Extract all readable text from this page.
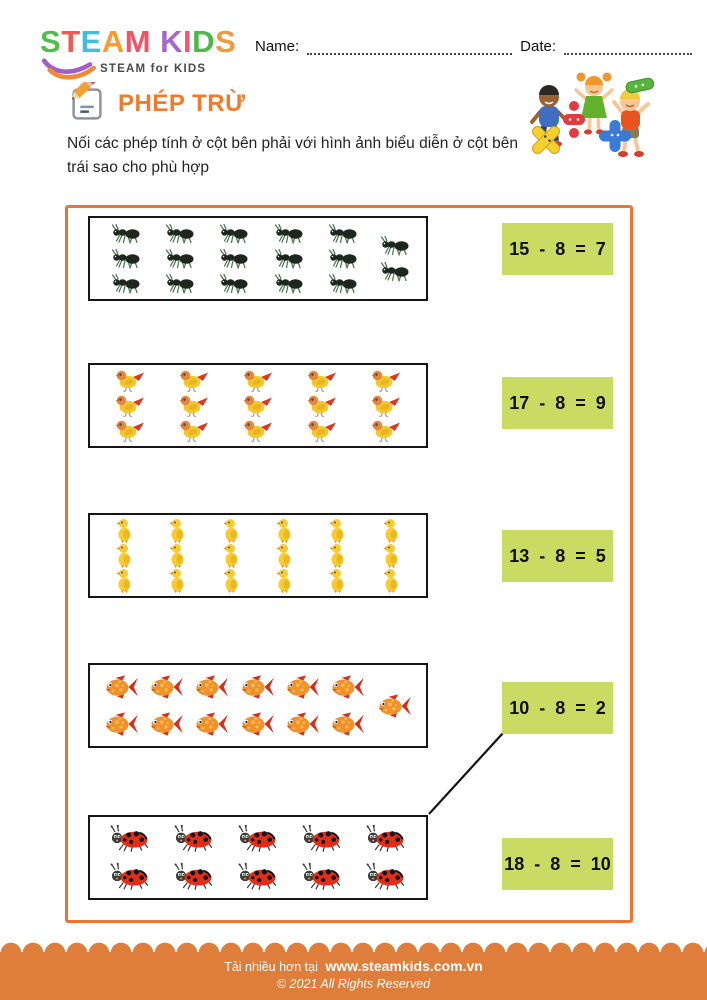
STEAM KIDS
STEAM for KIDS
Name:	Date:
PHÉP TRỪ
Nối các phép tính ở cột bên phải với hình ảnh biểu diễn ở cột bên trái sao cho phù hợp
Tải nhiều hơn tại www.steamkids.com.vn
© 2021 All Rights Reserved
15 - 8 = 7
17 - 8 = 9
13 - 8 = 5
10 - 8 = 2
18 - 8 = 10
